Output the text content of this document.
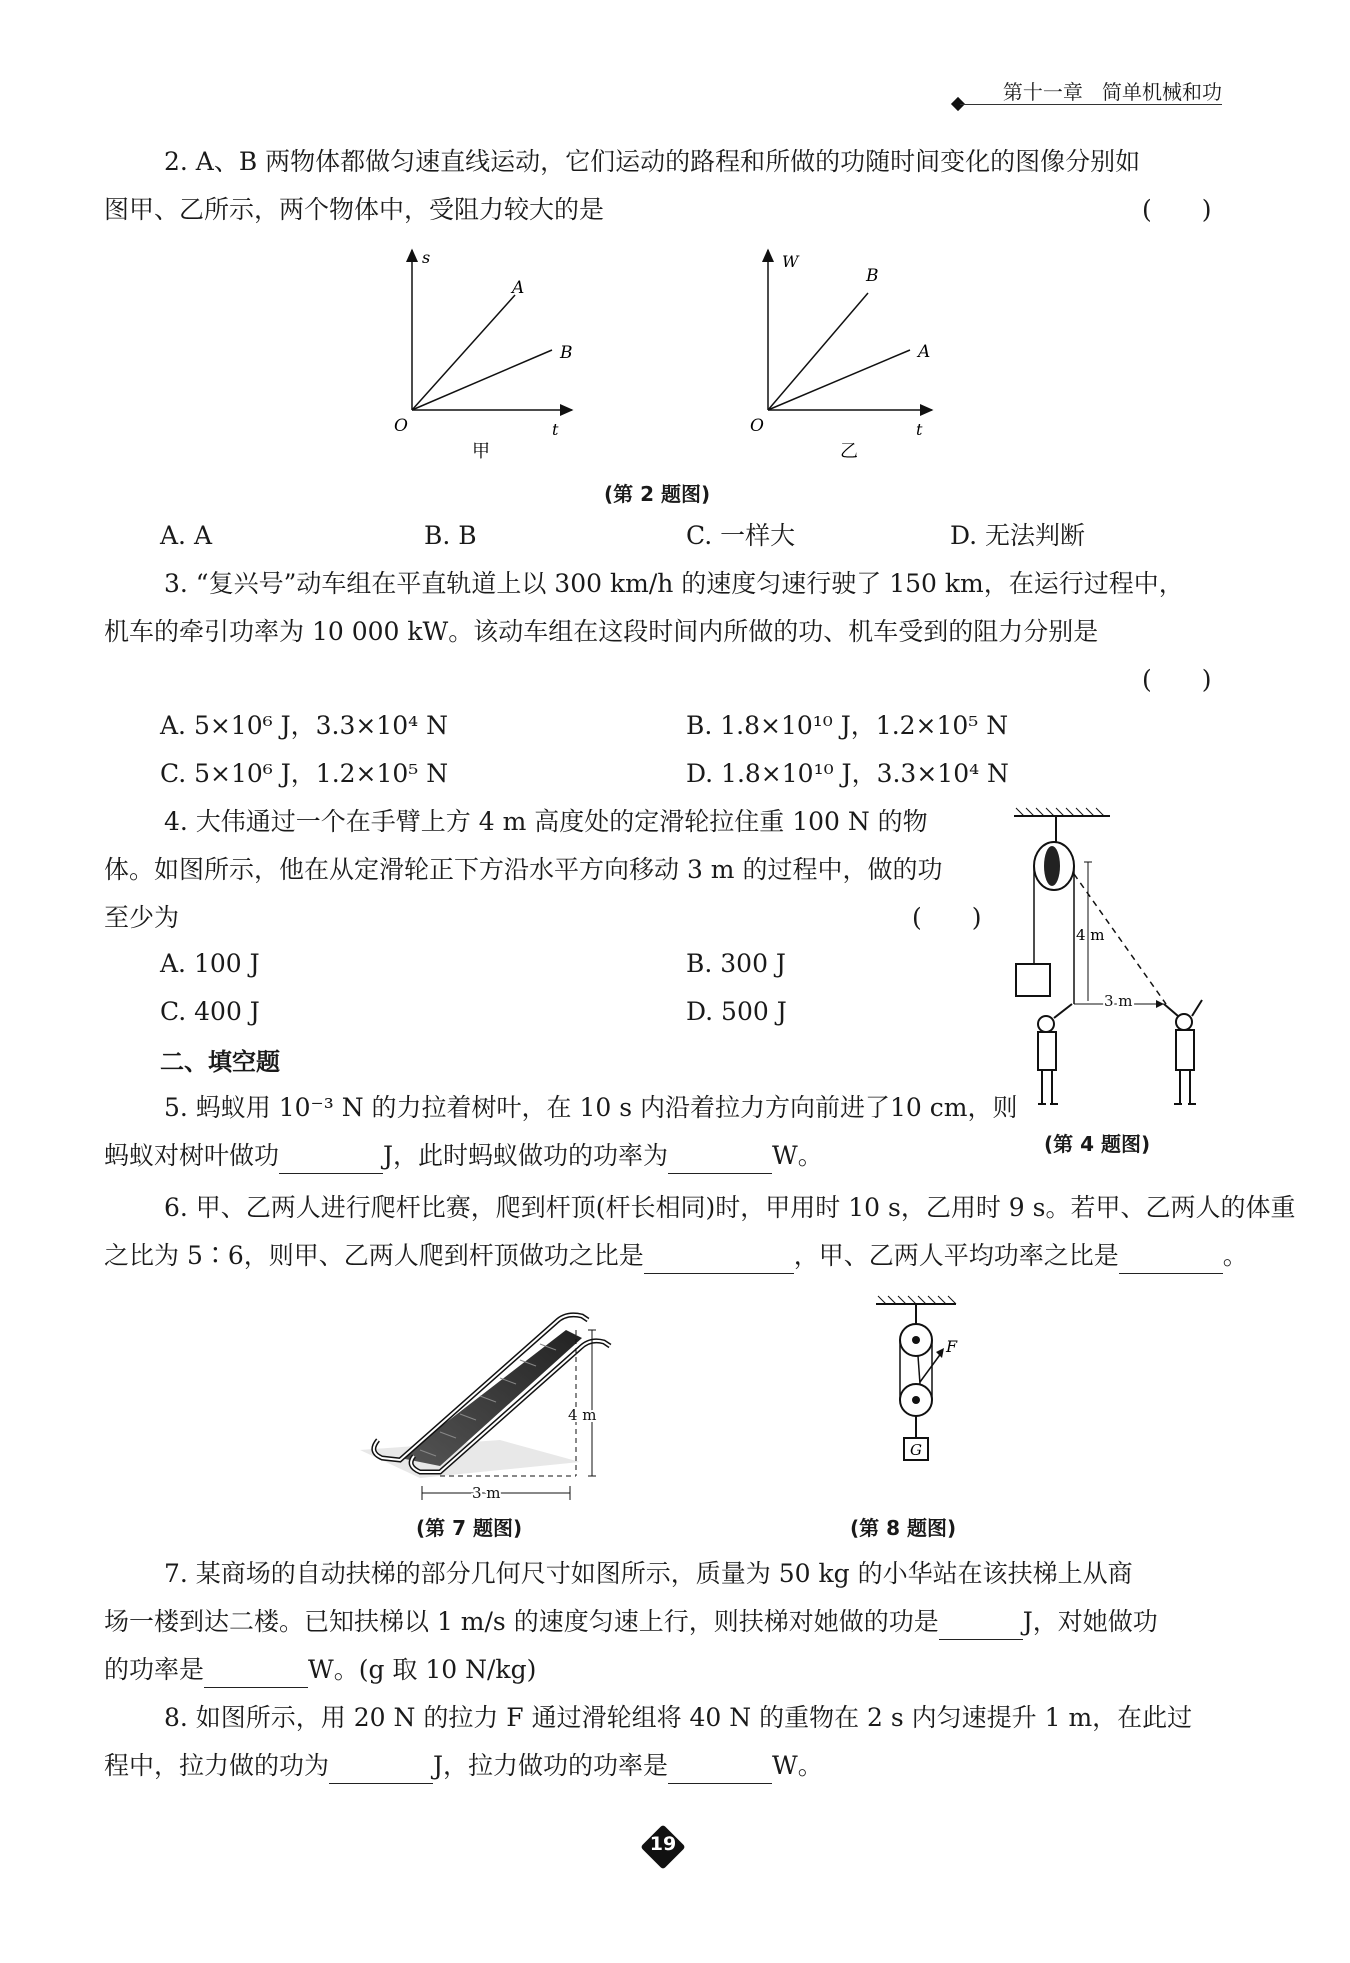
第十一章 简单机械和功
2. A、B 两物体都做匀速直线运动，它们运动的路程和所做的功随时间变化的图像分别如
图甲、乙所示，两个物体中，受阻力较大的是	(　　)
s
t
O
A
B
甲
W
t
O
B
A
乙
(第 2 题图)
A. A	B. B	C. 一样大	D. 无法判断
3. “复兴号”动车组在平直轨道上以 300 km/h 的速度匀速行驶了 150 km，在运行过程中，
机车的牵引功率为 10 000 kW。该动车组在这段时间内所做的功、机车受到的阻力分别是
(　　)
A. 5×10⁶ J，3.3×10⁴ N	B. 1.8×10¹⁰ J，1.2×10⁵ N
C. 5×10⁶ J，1.2×10⁵ N	D. 1.8×10¹⁰ J，3.3×10⁴ N
4. 大伟通过一个在手臂上方 4 m 高度处的定滑轮拉住重 100 N 的物
体。如图所示，他在从定滑轮正下方沿水平方向移动 3 m 的过程中，做的功
至少为	(　　)
A. 100 J	B. 300 J
C. 400 J	D. 500 J
4 m
3 m
(第 4 题图)
二、填空题
5. 蚂蚁用 10⁻³ N 的力拉着树叶，在 10 s 内沿着拉力方向前进了10 cm，则
蚂蚁对树叶做功	J，此时蚂蚁做功的功率为	W。
6. 甲、乙两人进行爬杆比赛，爬到杆顶(杆长相同)时，甲用时 10 s，乙用时 9 s。若甲、乙两人的体重
之比为 5∶6，则甲、乙两人爬到杆顶做功之比是	，甲、乙两人平均功率之比是	。
4 m
3 m
(第 7 题图)
F
G
(第 8 题图)
7. 某商场的自动扶梯的部分几何尺寸如图所示，质量为 50 kg 的小华站在该扶梯上从商
场一楼到达二楼。已知扶梯以 1 m/s 的速度匀速上行，则扶梯对她做的功是	J，对她做功
的功率是	W。(g 取 10 N/kg)
8. 如图所示，用 20 N 的拉力 F 通过滑轮组将 40 N 的重物在 2 s 内匀速提升 1 m，在此过
程中，拉力做的功为	J，拉力做功的功率是	W。
19
